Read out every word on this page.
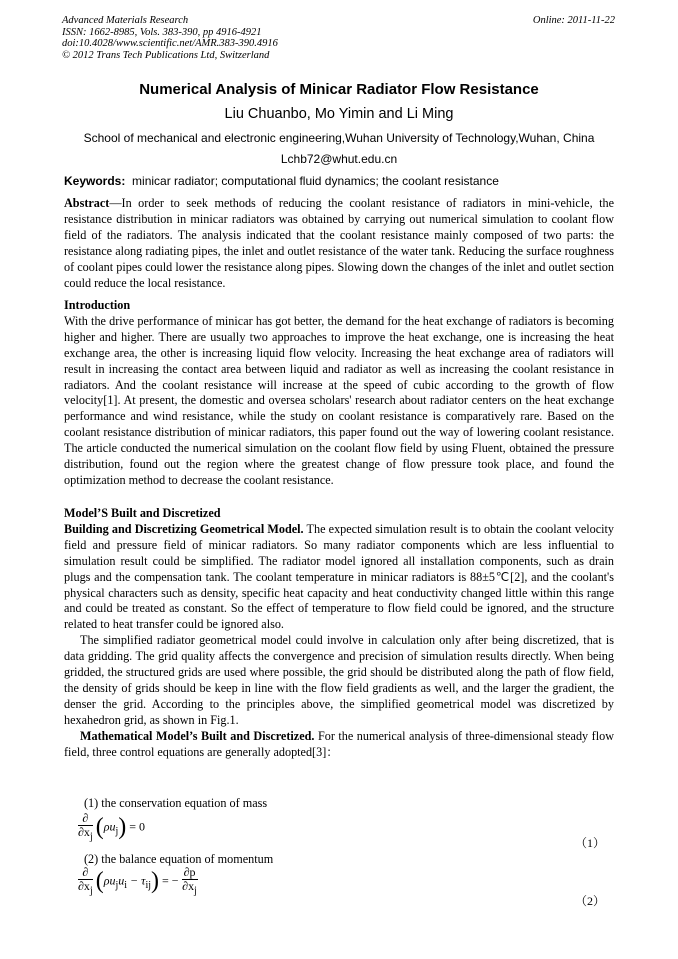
Advanced Materials Research	Online: 2011-11-22
ISSN: 1662-8985, Vols. 383-390, pp 4916-4921
doi:10.4028/www.scientific.net/AMR.383-390.4916
© 2012 Trans Tech Publications Ltd, Switzerland
Numerical Analysis of Minicar Radiator Flow Resistance
Liu Chuanbo, Mo Yimin and Li Ming
School of mechanical and electronic engineering,Wuhan University of Technology,Wuhan, China
Lchb72@whut.edu.cn
Keywords: minicar radiator; computational fluid dynamics; the coolant resistance

Abstract—In order to seek methods of reducing the coolant resistance of radiators in mini-vehicle, the resistance distribution in minicar radiators was obtained by carrying out numerical simulation to coolant flow field of the radiators. The analysis indicated that the coolant resistance mainly composed of two parts: the resistance along radiating pipes, the inlet and outlet resistance of the water tank. Reducing the surface roughness of coolant pipes could lower the resistance along pipes. Slowing down the changes of the inlet and outlet section could reduce the local resistance.

Introduction

With the drive performance of minicar has got better, the demand for the heat exchange of radiators is becoming higher and higher. There are usually two approaches to improve the heat exchange, one is increasing the heat exchange area, the other is increasing liquid flow velocity. Increasing the heat exchange area of radiators will result in increasing the contact area between liquid and radiator as well as increasing the coolant resistance in radiators. And the coolant resistance will increase at the speed of cubic according to the growth of flow velocity[1]. At present, the domestic and oversea scholars' research about radiator centers on the heat exchange performance and wind resistance, while the study on coolant resistance is comparatively rare. Based on the coolant resistance distribution of minicar radiators, this paper found out the way of lowering coolant resistance. The article conducted the numerical simulation on the coolant flow field by using Fluent, obtained the pressure distribution, found out the region where the greatest change of flow pressure took place, and found the optimization method to decrease the coolant resistance.

Model’S Built and Discretized

Building and Discretizing Geometrical Model. The expected simulation result is to obtain the coolant velocity field and pressure field of minicar radiators. So many radiator components which are less influential to simulation result could be simplified. The radiator model ignored all installation components, such as drain plugs and the compensation tank. The coolant temperature in minicar radiators is 88±5℃[2], and the coolant's physical characters such as density, specific heat capacity and heat conductivity changed little within this range and could be treated as constant. So the effect of temperature to flow field could be ignored, and the structure related to heat transfer could be ignored also.

The simplified radiator geometrical model could involve in calculation only after being discretized, that is data gridding. The grid quality affects the convergence and precision of simulation results directly. When being gridded, the structured grids are used where possible, the grid should be distributed along the path of flow field, the density of grids should be keep in line with the flow field gradients as well, and the larger the gradient, the denser the grid. According to the principles above, the simplified geometrical model was discretized by hexahedron grid, as shown in Fig.1.

Mathematical Model’s Built and Discretized. For the numerical analysis of three-dimensional steady flow field, three control equations are generally adopted[3]：

(1) the conservation equation of mass
$\frac{\partial}{\partial x_j} (\rho u_j) = 0$
（1）
(2) the balance equation of momentum
$\frac{\partial}{\partial x_j} (\rho u_ju_i - \tau_{ij})$ = − $\frac{\partial p}{\partial x_j}$
（2）
